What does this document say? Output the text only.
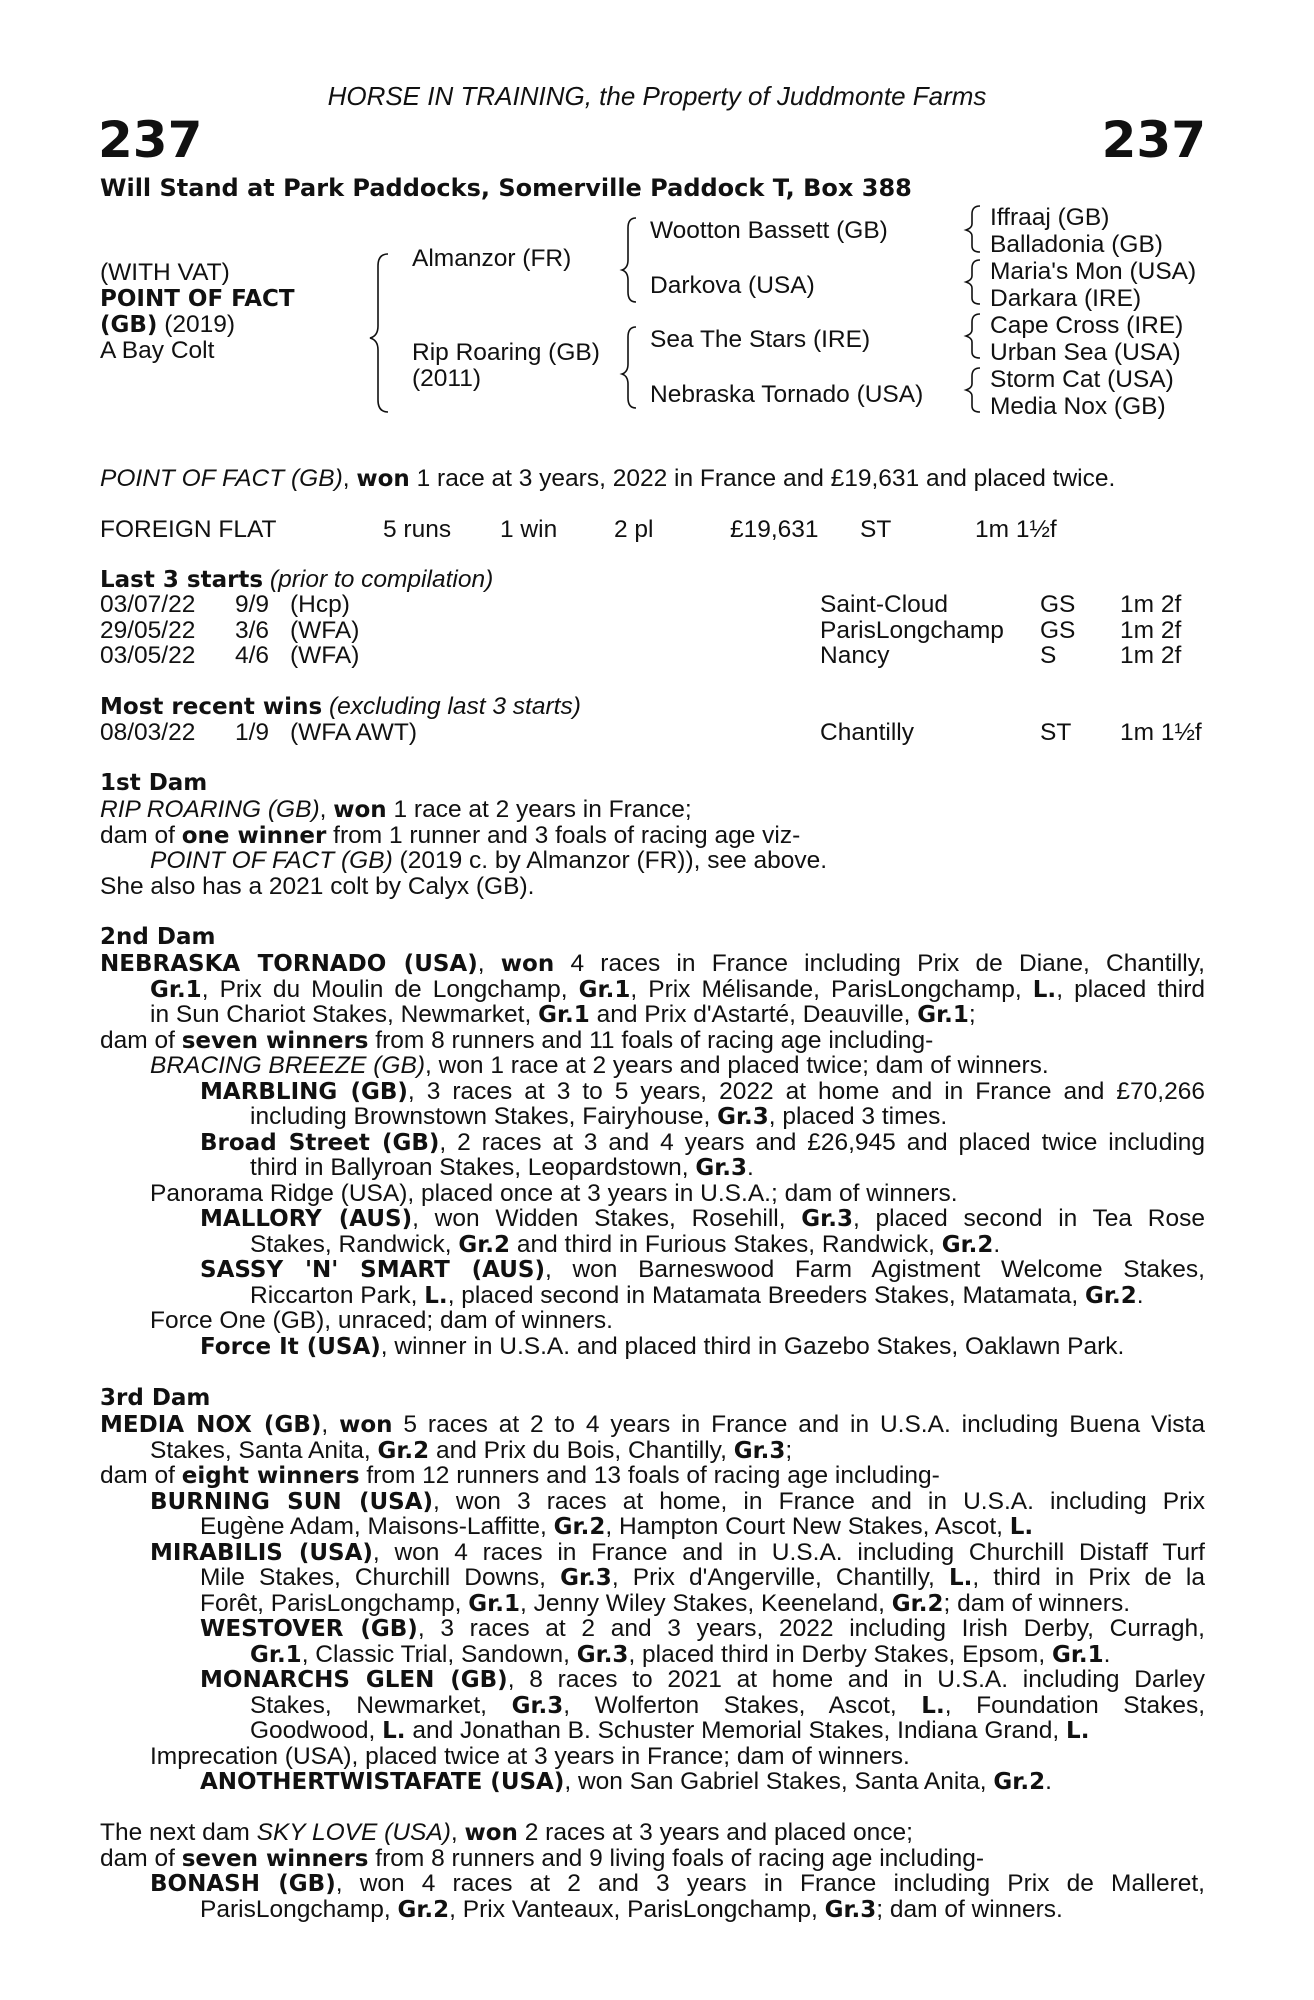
HORSE IN TRAINING, the Property of Juddmonte Farms
237	237
Will Stand at Park Paddocks, Somerville Paddock T, Box 388
(WITH VAT)
POINT OF FACT
(GB) (2019)
A Bay Colt
Almanzor (FR)
Rip Roaring (GB)
(2011)
Wootton Bassett (GB)
Darkova (USA)
Sea The Stars (IRE)
Nebraska Tornado (USA)
Iffraaj (GB)
Balladonia (GB)
Maria's Mon (USA)
Darkara (IRE)
Cape Cross (IRE)
Urban Sea (USA)
Storm Cat (USA)
Media Nox (GB)
POINT OF FACT (GB), won 1 race at 3 years, 2022 in France and £19,631 and placed twice.
FOREIGN FLAT	5 runs 1 win 2 pl	£19,631 ST	1m 1½f
Last 3 starts (prior to compilation)
03/07/22 9/9 (Hcp)	Saint-Cloud	GS 1m 2f
29/05/22 3/6 (WFA)	ParisLongchamp GS 1m 2f
03/05/22 4/6 (WFA)	Nancy	S	1m 2f
Most recent wins (excluding last 3 starts)
08/03/22 1/9 (WFA AWT)	Chantilly	ST 1m 1½f
1st Dam
RIP ROARING (GB), won 1 race at 2 years in France;
dam of one winner from 1 runner and 3 foals of racing age viz-
POINT OF FACT (GB) (2019 c. by Almanzor (FR)), see above.
She also has a 2021 colt by Calyx (GB).
2nd Dam
NEBRASKA TORNADO (USA), won 4 races in France including Prix de Diane, Chantilly,
Gr.1, Prix du Moulin de Longchamp, Gr.1, Prix Mélisande, ParisLongchamp, L., placed third
in Sun Chariot Stakes, Newmarket, Gr.1 and Prix d'Astarté, Deauville, Gr.1;
dam of seven winners from 8 runners and 11 foals of racing age including-
BRACING BREEZE (GB), won 1 race at 2 years and placed twice; dam of winners.
MARBLING (GB), 3 races at 3 to 5 years, 2022 at home and in France and £70,266
including Brownstown Stakes, Fairyhouse, Gr.3, placed 3 times.
Broad Street (GB), 2 races at 3 and 4 years and £26,945 and placed twice including
third in Ballyroan Stakes, Leopardstown, Gr.3.
Panorama Ridge (USA), placed once at 3 years in U.S.A.; dam of winners.
MALLORY (AUS), won Widden Stakes, Rosehill, Gr.3, placed second in Tea Rose
Stakes, Randwick, Gr.2 and third in Furious Stakes, Randwick, Gr.2.
SASSY 'N' SMART (AUS), won Barneswood Farm Agistment Welcome Stakes,
Riccarton Park, L., placed second in Matamata Breeders Stakes, Matamata, Gr.2.
Force One (GB), unraced; dam of winners.
Force It (USA), winner in U.S.A. and placed third in Gazebo Stakes, Oaklawn Park.
3rd Dam
MEDIA NOX (GB), won 5 races at 2 to 4 years in France and in U.S.A. including Buena Vista
Stakes, Santa Anita, Gr.2 and Prix du Bois, Chantilly, Gr.3;
dam of eight winners from 12 runners and 13 foals of racing age including-
BURNING SUN (USA), won 3 races at home, in France and in U.S.A. including Prix
Eugène Adam, Maisons-Laffitte, Gr.2, Hampton Court New Stakes, Ascot, L.
MIRABILIS (USA), won 4 races in France and in U.S.A. including Churchill Distaff Turf
Mile Stakes, Churchill Downs, Gr.3, Prix d'Angerville, Chantilly, L., third in Prix de la
Forêt, ParisLongchamp, Gr.1, Jenny Wiley Stakes, Keeneland, Gr.2; dam of winners.
WESTOVER (GB), 3 races at 2 and 3 years, 2022 including Irish Derby, Curragh,
Gr.1, Classic Trial, Sandown, Gr.3, placed third in Derby Stakes, Epsom, Gr.1.
MONARCHS GLEN (GB), 8 races to 2021 at home and in U.S.A. including Darley
Stakes, Newmarket, Gr.3, Wolferton Stakes, Ascot, L., Foundation Stakes,
Goodwood, L. and Jonathan B. Schuster Memorial Stakes, Indiana Grand, L.
Imprecation (USA), placed twice at 3 years in France; dam of winners.
ANOTHERTWISTAFATE (USA), won San Gabriel Stakes, Santa Anita, Gr.2.
The next dam SKY LOVE (USA), won 2 races at 3 years and placed once;
dam of seven winners from 8 runners and 9 living foals of racing age including-
BONASH (GB), won 4 races at 2 and 3 years in France including Prix de Malleret,
ParisLongchamp, Gr.2, Prix Vanteaux, ParisLongchamp, Gr.3; dam of winners.
